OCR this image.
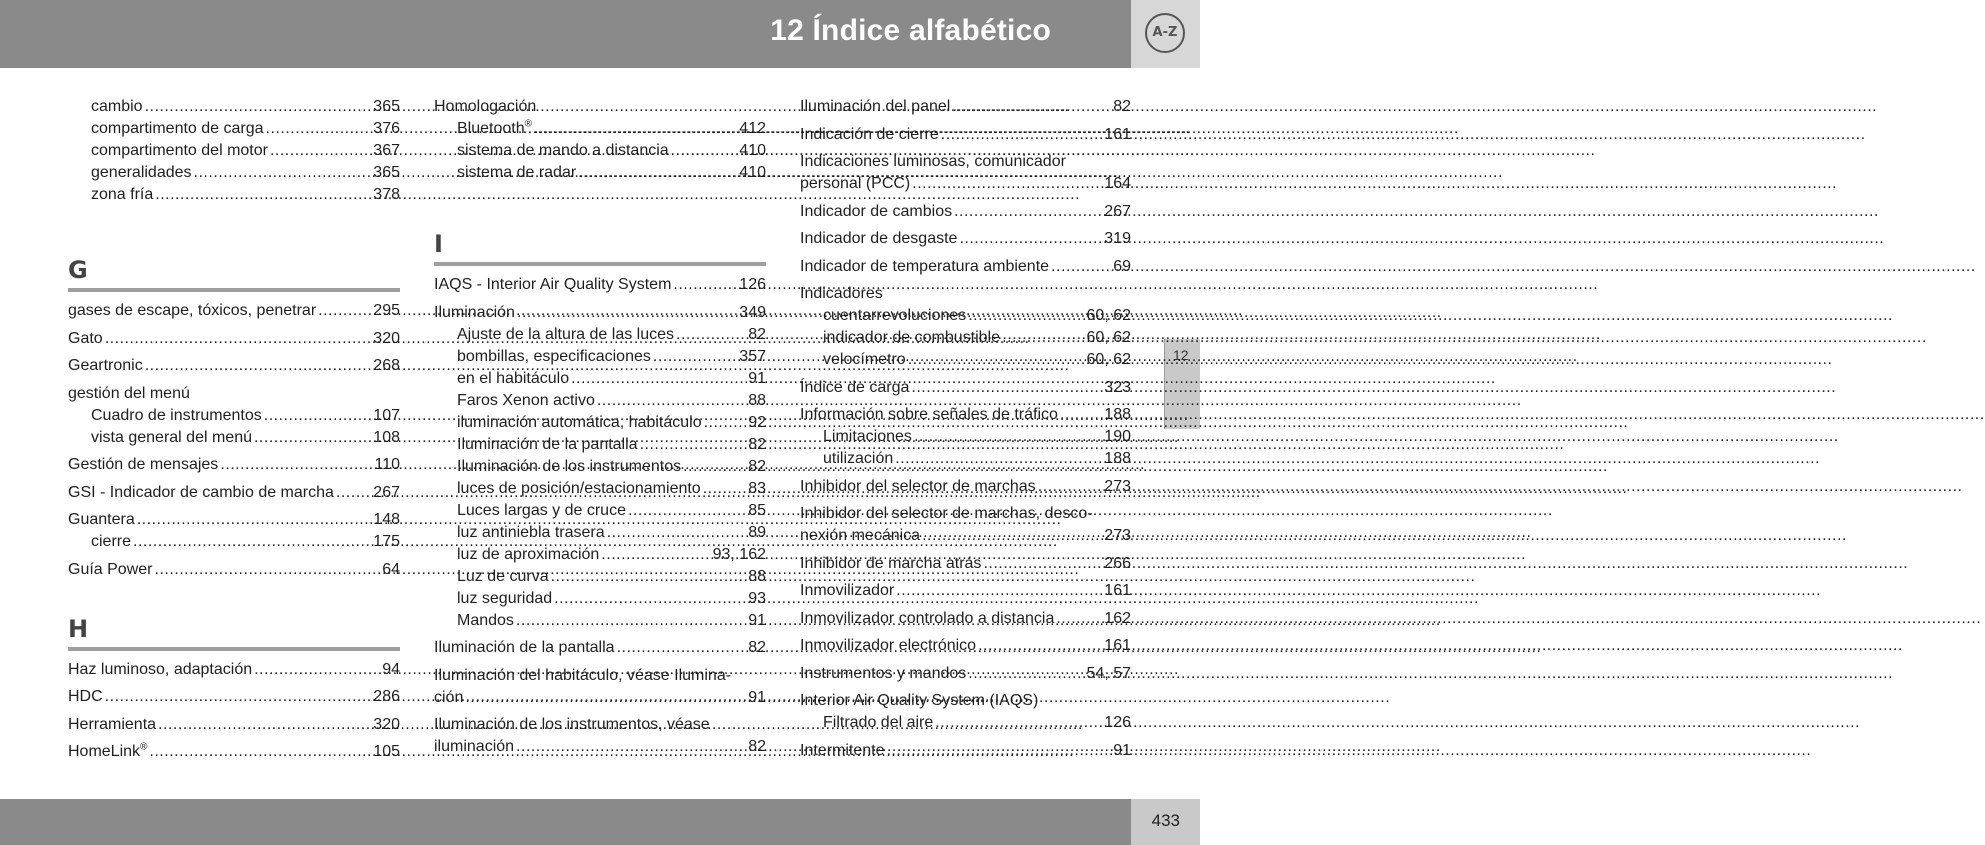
12 Índice alfabético	A-Z
12
433
cambio .....	365
compartimento de carga .....	376
compartimento del motor .....	367
generalidades .....	365
zona fría .....	378
G
gases de escape, tóxicos, penetrar .....	295
Gato .....	320
Geartronic .....	268
gestión del menú
Cuadro de instrumentos .....	107
vista general del menú .....	108
Gestión de mensajes .....	110
GSI - Indicador de cambio de marcha .....	267
Guantera .....	148
cierre .....	175
Guía Power .....	64
H
Haz luminoso, adaptación .....	94
HDC .....	286
Herramienta .....	320
HomeLink® .....	105
Homologación
Bluetooth® .....	412
sistema de mando a distancia .....	410
sistema de radar .....	410
I
IAQS - Interior Air Quality System .....	126
Iluminación .....	349
Ajuste de la altura de las luces .....	82
bombillas, especificaciones .....	357
en el habitáculo .....	91
Faros Xenon activo .....	88
iluminación automática, habitáculo .....	92
Iluminación de la pantalla .....	82
Iluminación de los instrumentos .....	82
luces de posición/estacionamiento .....	83
Luces largas y de cruce .....	85
luz antiniebla trasera .....	89
luz de aproximación .....	93, 162
Luz de curva .....	88
luz seguridad .....	93
Mandos .....	91
Iluminación de la pantalla .....	82
Iluminación del habitáculo, véase Ilumina-
ción .....	91
Iluminación de los instrumentos, véase
iluminación .....	82
Iluminación del panel .....	82
Indicación de cierre .....	161
Indicaciones luminosas, comunicador
personal (PCC) .....	164
Indicador de cambios .....	267
Indicador de desgaste .....	319
Indicador de temperatura ambiente .....	69
Indicadores
cuentarrevoluciones .....	60, 62
indicador de combustible .....	60, 62
velocímetro .....	60, 62
Índice de carga .....	323
Información sobre señales de tráfico .....	188
Limitaciones .....	190
utilización .....	188
Inhibidor del selector de marchas .....	273
Inhibidor del selector de marchas, desco-
nexión mecánica .....	273
Inhibidor de marcha atrás .....	266
Inmovilizador .....	161
Inmovilizador controlado a distancia .....	162
Inmovilizador electrónico .....	161
Instrumentos y mandos .....	54, 57
Interior Air Quality System (IAQS)
Filtrado del aire .....	126
Intermitente .....	91
